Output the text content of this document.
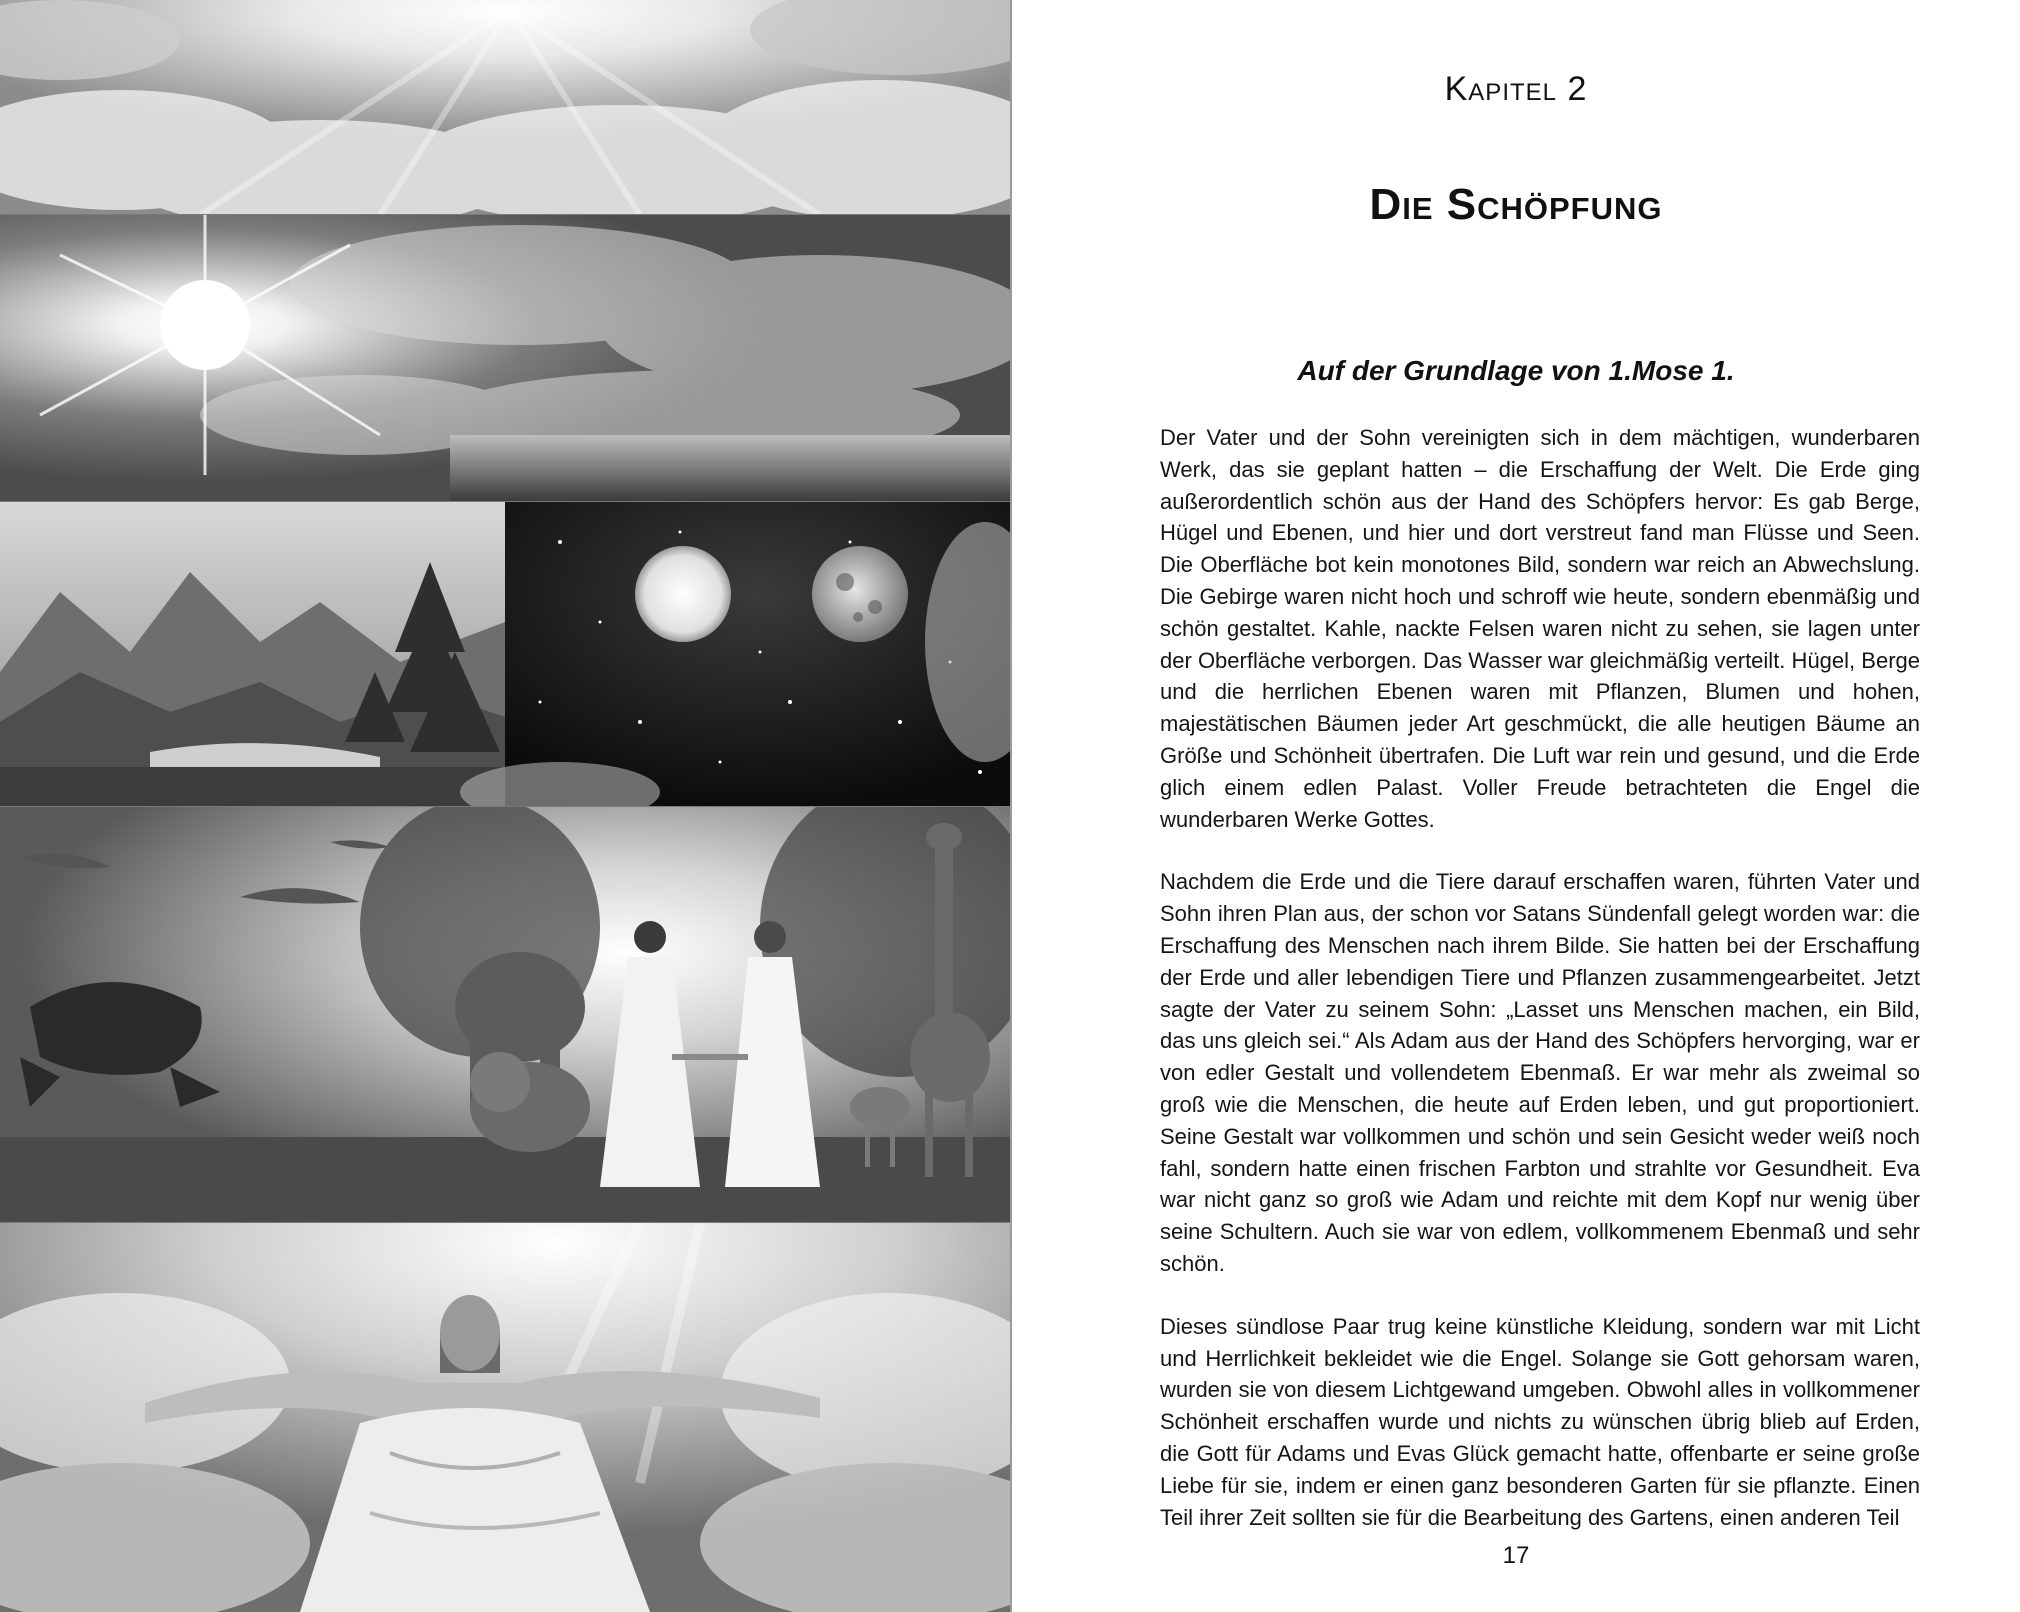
Kapitel 2
Die Schöpfung
Auf der Grundlage von 1.Mose 1.

Der Vater und der Sohn vereinigten sich in dem mächtigen, wunderbaren Werk, das sie geplant hatten – die Erschaffung der Welt. Die Erde ging außerordentlich schön aus der Hand des Schöpfers hervor: Es gab Berge, Hügel und Ebenen, und hier und dort verstreut fand man Flüsse und Seen. Die Oberfläche bot kein monotones Bild, sondern war reich an Abwechslung. Die Gebirge waren nicht hoch und schroff wie heute, sondern ebenmäßig und schön gestaltet. Kahle, nackte Felsen waren nicht zu sehen, sie lagen unter der Oberfläche verborgen. Das Wasser war gleichmäßig verteilt. Hügel, Berge und die herrlichen Ebenen waren mit Pflanzen, Blumen und hohen, majestätischen Bäumen jeder Art geschmückt, die alle heutigen Bäume an Größe und Schönheit übertrafen. Die Luft war rein und gesund, und die Erde glich einem edlen Palast. Voller Freude betrachteten die Engel die wunderbaren Werke Gottes.

Nachdem die Erde und die Tiere darauf erschaffen waren, führten Vater und Sohn ihren Plan aus, der schon vor Satans Sündenfall gelegt worden war: die Erschaffung des Menschen nach ihrem Bilde. Sie hatten bei der Erschaffung der Erde und aller lebendigen Tiere und Pflanzen zusammengearbeitet. Jetzt sagte der Vater zu seinem Sohn: „Lasset uns Menschen machen, ein Bild, das uns gleich sei.“ Als Adam aus der Hand des Schöpfers hervorging, war er von edler Gestalt und vollendetem Ebenmaß. Er war mehr als zweimal so groß wie die Menschen, die heute auf Erden leben, und gut proportioniert. Seine Gestalt war vollkommen und schön und sein Gesicht weder weiß noch fahl, sondern hatte einen frischen Farbton und strahlte vor Gesundheit. Eva war nicht ganz so groß wie Adam und reichte mit dem Kopf nur wenig über seine Schultern. Auch sie war von edlem, vollkommenem Ebenmaß und sehr schön.

Dieses sündlose Paar trug keine künstliche Kleidung, sondern war mit Licht und Herrlichkeit bekleidet wie die Engel. Solange sie Gott gehorsam waren, wurden sie von diesem Lichtgewand umgeben. Obwohl alles in vollkommener Schönheit erschaffen wurde und nichts zu wünschen übrig blieb auf Erden, die Gott für Adams und Evas Glück gemacht hatte, offenbarte er seine große Liebe für sie, indem er einen ganz besonderen Garten für sie pflanzte. Einen Teil ihrer Zeit sollten sie für die Bearbeitung des Gartens, einen anderen Teil

17
